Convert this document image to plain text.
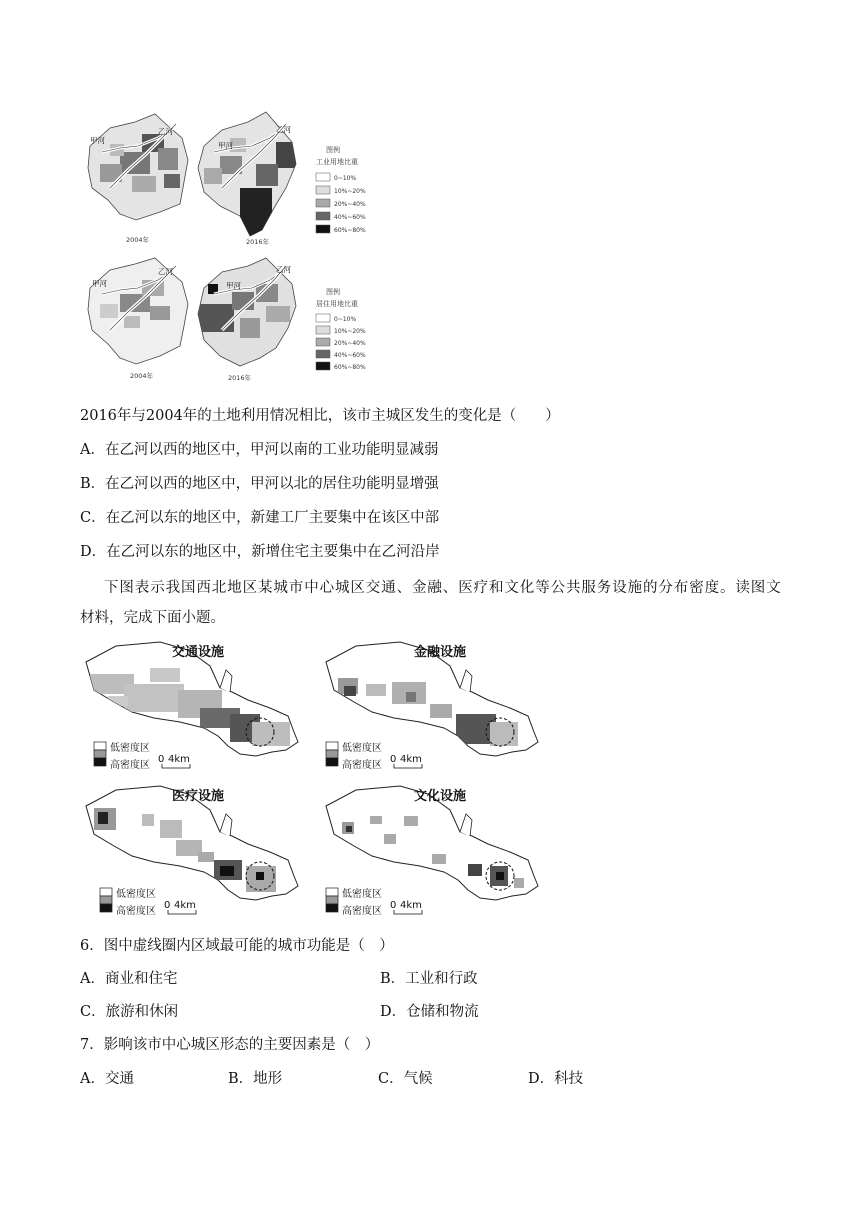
甲河
乙河
2004年
甲河
乙河
2016年
图例
工业用地比重
0~10%
10%~20%
20%~40%
40%~60%
60%~80%
甲河
乙河
2004年
甲河
乙河
2016年
图例
居住用地比重
0~10%
10%~20%
20%~40%
40%~60%
60%~80%
2016年与2004年的土地利用情况相比，该市主城区发生的变化是（　　）
A．在乙河以西的地区中，甲河以南的工业功能明显减弱
B．在乙河以西的地区中，甲河以北的居住功能明显增强
C．在乙河以东的地区中，新建工厂主要集中在该区中部
D．在乙河以东的地区中，新增住宅主要集中在乙河沿岸
下图表示我国西北地区某城市中心城区交通、金融、医疗和文化等公共服务设施的分布密度。读图文
材料，完成下面小题。
交通设施
低密度区
高密度区
0 4km
金融设施
低密度区
高密度区
0 4km
医疗设施
低密度区
高密度区
0 4km
文化设施
低密度区
高密度区
0 4km
6．图中虚线圈内区域最可能的城市功能是（　）
A．商业和住宅	B．工业和行政
C．旅游和休闲	D．仓储和物流
7．影响该市中心城区形态的主要因素是（　）
A．交通	B．地形	C．气候	D．科技
